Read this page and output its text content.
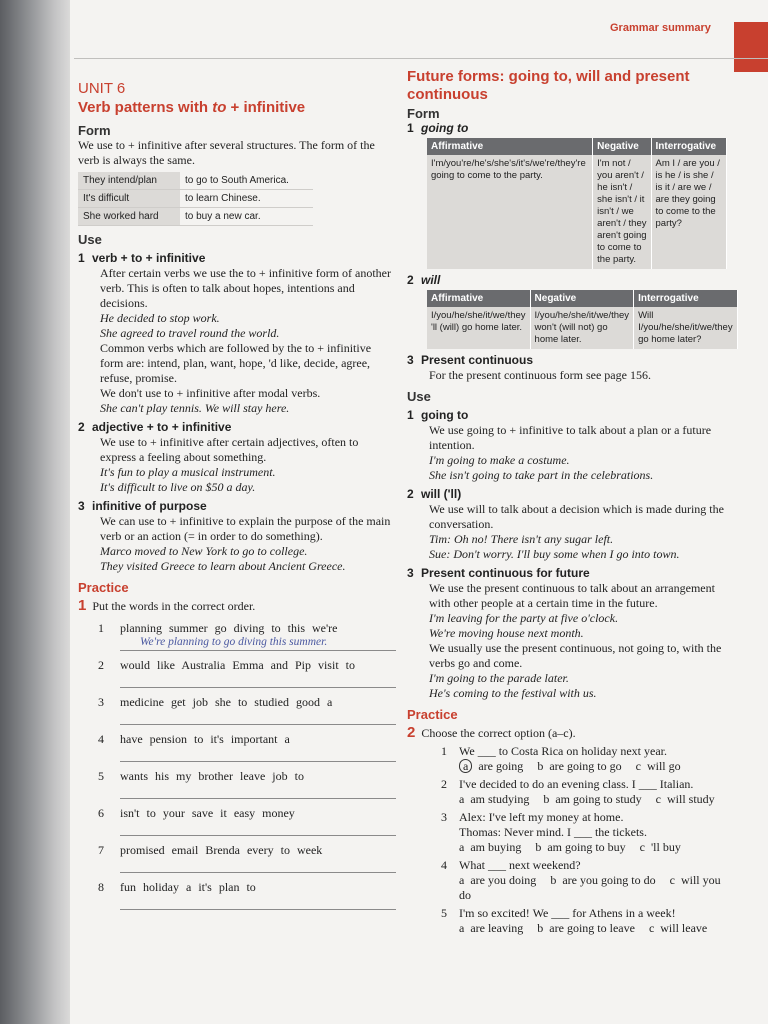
Grammar summary
UNIT 6
Verb patterns with to + infinitive
Form

We use to + infinitive after several structures. The form of the verb is always the same.

They intend/plan	to go to South America.
It's difficult	to learn Chinese.
She worked hard	to buy a new car.
Use
1 verb + to + infinitive

After certain verbs we use the to + infinitive form of another verb. This is often to talk about hopes, intentions and decisions.

He decided to stop work.

She agreed to travel round the world.

Common verbs which are followed by the to + infinitive form are: intend, plan, want, hope, 'd like, decide, agree, refuse, promise.

We don't use to + infinitive after modal verbs.

She can't play tennis. We will stay here.

2 adjective + to + infinitive

We use to + infinitive after certain adjectives, often to express a feeling about something.

It's fun to play a musical instrument.

It's difficult to live on $50 a day.

3 infinitive of purpose

We can use to + infinitive to explain the purpose of the main verb or an action (= in order to do something).

Marco moved to New York to go to college.

They visited Greece to learn about Ancient Greece.

Practice
1 Put the words in the correct order.
1	planning summer go diving to this we're
We're planning to go diving this summer.
2	would like Australia Emma and Pip visit to
3	medicine get job she to studied good a
4	have pension to it's important a
5	wants his my brother leave job to
6	isn't to your save it easy money
7	promised email Brenda every to week
8	fun holiday a it's plan to
Future forms: going to, will and present continuous
Form
1 going to
Affirmative	Negative	Interrogative
I'm/you're/he's/she's/it's/we're/they're going to come to the party.	I'm not / you aren't / he isn't / she isn't / it isn't / we aren't / they aren't going to come to the party.	Am I / are you / is he / is she / is it / are we / are they going to come to the party?
2 will
Affirmative	Negative	Interrogative
I/you/he/she/it/we/they 'll (will) go home later.	I/you/he/she/it/we/they won't (will not) go home later.	Will I/you/he/she/it/we/they go home later?
3 Present continuous

For the present continuous form see page 156.

Use
1 going to

We use going to + infinitive to talk about a plan or a future intention.

I'm going to make a costume.

She isn't going to take part in the celebrations.

2 will ('ll)

We use will to talk about a decision which is made during the conversation.

Tim: Oh no! There isn't any sugar left.

Sue: Don't worry. I'll buy some when I go into town.

3 Present continuous for future

We use the present continuous to talk about an arrangement with other people at a certain time in the future.

I'm leaving for the party at five o'clock.

We're moving house next month.

We usually use the present continuous, not going to, with the verbs go and come.

I'm going to the parade later.

He's coming to the festival with us.

Practice
2 Choose the correct option (a–c).
1 We ___ to Costa Rica on holiday next year.
a are going b are going to go c will go
2 I've decided to do an evening class. I ___ Italian.
a am studying b am going to study c will study
3 Alex: I've left my money at home.
Thomas: Never mind. I ___ the tickets.
a am buying b am going to buy c 'll buy
4 What ___ next weekend?
a are you doing b are you going to do c will you do
5 I'm so excited! We ___ for Athens in a week!
a are leaving b are going to leave c will leave
